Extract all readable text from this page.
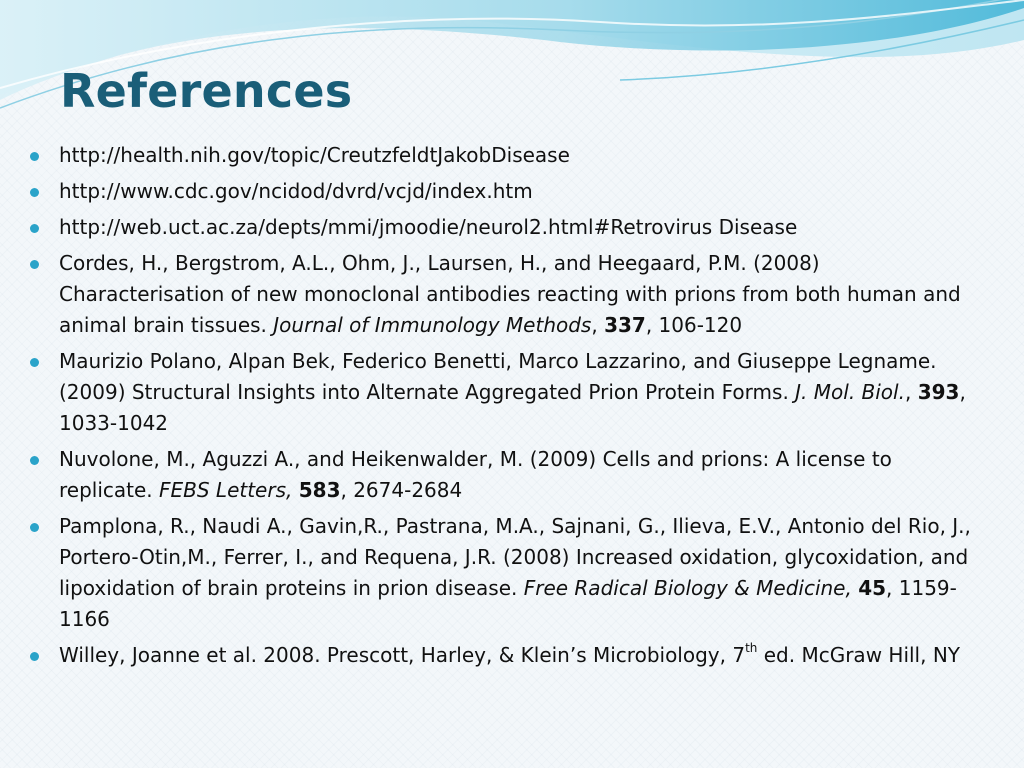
References
http://health.nih.gov/topic/CreutzfeldtJakobDisease
http://www.cdc.gov/ncidod/dvrd/vcjd/index.htm
http://web.uct.ac.za/depts/mmi/jmoodie/neurol2.html#Retrovirus Disease
Cordes, H., Bergstrom, A.L., Ohm, J., Laursen, H., and Heegaard, P.M. (2008) Characterisation of new monoclonal antibodies reacting with prions from both human and animal brain tissues. Journal of Immunology Methods, 337, 106-120
Maurizio Polano, Alpan Bek, Federico Benetti, Marco Lazzarino, and Giuseppe Legname. (2009) Structural Insights into Alternate Aggregated Prion Protein Forms. J. Mol. Biol., 393, 1033-1042
Nuvolone, M., Aguzzi A., and Heikenwalder, M. (2009) Cells and prions: A license to replicate. FEBS Letters, 583, 2674-2684
Pamplona, R., Naudi A., Gavin,R., Pastrana, M.A., Sajnani, G., Ilieva, E.V., Antonio del Rio, J., Portero-Otin,M., Ferrer, I., and Requena, J.R. (2008) Increased oxidation, glycoxidation, and lipoxidation of brain proteins in prion disease. Free Radical Biology & Medicine, 45, 1159-1166
Willey, Joanne et al. 2008. Prescott, Harley, & Klein’s Microbiology, 7th ed. McGraw Hill, NY
